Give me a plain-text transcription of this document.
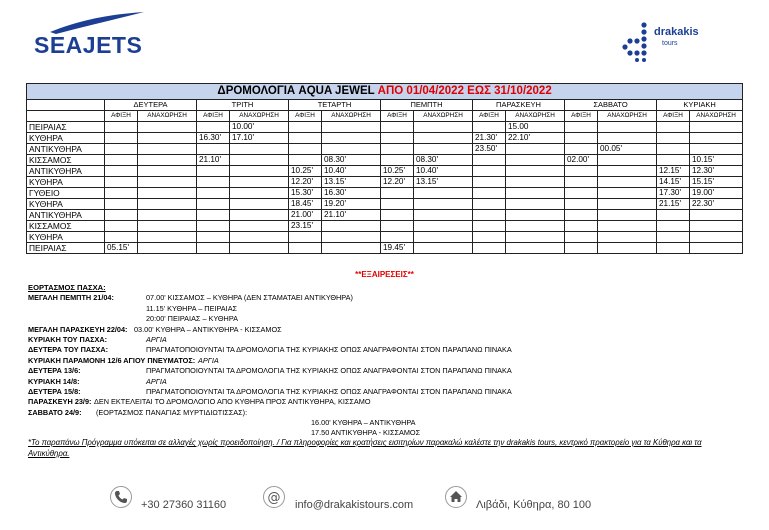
SEAJETS	drakakis
tours
ΔΡΟΜΟΛΟΓΙΑ AQUA JEWEL ΑΠΟ 01/04/2022 ΕΩΣ 31/10/2022														
	ΔΕΥΤΕΡΑ		ΤΡΙΤΗ		ΤΕΤΑΡΤΗ		ΠΕΜΠΤΗ		ΠΑΡΑΣΚΕΥΗ		ΣΑΒΒΑΤΟ		ΚΥΡΙΑΚΗ	
	ΑΦΙΞΗ	ΑΝΑΧΩΡΗΣΗ	ΑΦΙΞΗ	ΑΝΑΧΩΡΗΣΗ	ΑΦΙΞΗ	ΑΝΑΧΩΡΗΣΗ	ΑΦΙΞΗ	ΑΝΑΧΩΡΗΣΗ	ΑΦΙΞΗ	ΑΝΑΧΩΡΗΣΗ	ΑΦΙΞΗ	ΑΝΑΧΩΡΗΣΗ	ΑΦΙΞΗ	ΑΝΑΧΩΡΗΣΗ
ΠΕΙΡΑΙΑΣ				10.00'						15.00				
ΚΥΘΗΡΑ			16.30'	17.10'					21.30'	22.10'				
ΑΝΤΙΚΥΘΗΡΑ									23.50'			00.05'		
ΚΙΣΣΑΜΟΣ			21.10'			08.30'		08.30'			02.00'			10.15'
ΑΝΤΙΚΥΘΗΡΑ					10.25'	10.40'	10.25'	10.40'					12.15'	12.30'
ΚΥΘΗΡΑ					12.20'	13.15'	12.20'	13.15'					14.15'	15.15'
ΓΥΘΕΙΟ					15.30'	16.30'							17.30'	19.00'
ΚΥΘΗΡΑ					18.45'	19.20'							21.15'	22.30'
ΑΝΤΙΚΥΘΗΡΑ					21.00'	21.10'								
ΚΙΣΣΑΜΟΣ					23.15'									
ΚΥΘΗΡΑ														
ΠΕΙΡΑΙΑΣ	05.15'						19.45'							
**ΕΞΑΙΡΕΣΕΙΣ**
ΕΟΡΤΑΣΜΟΣ ΠΑΣΧΑ:
ΜΕΓΑΛΗ ΠΕΜΠΤΗ 21/04:	07.00' ΚΙΣΣΑΜΟΣ – ΚΥΘΗΡΑ (ΔΕΝ ΣΤΑΜΑΤΑΕΙ ΑΝΤΙΚΥΘΗΡΑ)
11.15' ΚΥΘΗΡΑ – ΠΕΙΡΑΙΑΣ
20:00' ΠΕΙΡΑΙΑΣ – ΚΥΘΗΡΑ
ΜΕΓΑΛΗ ΠΑΡΑΣΚΕΥΗ 22/04: 03.00' ΚΥΘΗΡΑ – ΑΝΤΙΚΥΘΗΡΑ - ΚΙΣΣΑΜΟΣ
ΚΥΡΙΑΚΗ ΤΟΥ ΠΑΣΧΑ:	ΑΡΓΙΑ
ΔΕΥΤΕΡΑ ΤΟΥ ΠΑΣΧΑ:	ΠΡΑΓΜΑΤΟΠΟΙΟΥΝΤΑΙ ΤΑ ΔΡΟΜΟΛΟΓΙΑ ΤΗΣ ΚΥΡΙΑΚΗΣ ΟΠΩΣ ΑΝΑΓΡΑΦΟΝΤΑΙ ΣΤΟΝ ΠΑΡΑΠΑΝΩ ΠΙΝΑΚΑ
ΚΥΡΙΑΚΗ ΠΑΡΑΜΟΝΗ 12/6 ΑΓΙΟΥ ΠΝΕΥΜΑΤΟΣ: ΑΡΓΙΑ
ΔΕΥΤΕΡΑ 13/6:	ΠΡΑΓΜΑΤΟΠΟΙΟΥΝΤΑΙ ΤΑ ΔΡΟΜΟΛΟΓΙΑ ΤΗΣ ΚΥΡΙΑΚΗΣ ΟΠΩΣ ΑΝΑΓΡΑΦΟΝΤΑΙ ΣΤΟΝ ΠΑΡΑΠΑΝΩ ΠΙΝΑΚΑ
ΚΥΡΙΑΚΗ 14/8:	ΑΡΓΙΑ
ΔΕΥΤΕΡΑ 15/8:	ΠΡΑΓΜΑΤΟΠΟΙΟΥΝΤΑΙ ΤΑ ΔΡΟΜΟΛΟΓΙΑ ΤΗΣ ΚΥΡΙΑΚΗΣ ΟΠΩΣ ΑΝΑΓΡΑΦΟΝΤΑΙ ΣΤΟΝ ΠΑΡΑΠΑΝΩ ΠΙΝΑΚΑ
ΠΑΡΑΣΚΕΥΗ 23/9: ΔΕΝ ΕΚΤΕΛΕΙΤΑΙ ΤΟ ΔΡΟΜΟΛΟΓΙΟ ΑΠΟ ΚΥΘΗΡΑ ΠΡΟΣ ΑΝΤΙΚΥΘΗΡΑ, ΚΙΣΣΑΜΟ
ΣΑΒΒΑΤΟ 24/9: (ΕΟΡΤΑΣΜΟΣ ΠΑΝΑΓΙΑΣ ΜΥΡΤΙΔΙΩΤΙΣΣΑΣ):
16.00' ΚΥΘΗΡΑ – ΑΝΤΙΚΥΘΗΡΑ
17.50 ΑΝΤΙΚΥΘΗΡΑ - ΚΙΣΣΑΜΟΣ
*Το παραπάνω Πρόγραμμα υπόκειται σε αλλαγές χωρίς προειδοποίηση. / Για πληροφορίες και κρατήσεις εισιτηρίων παρακαλώ καλέστε την drakakis tours, κεντρικό πρακτορείο για τα Κύθηρα και τα Αντικύθηρα.
+30 27360 31160	@ info@drakakistours.com	Λιβάδι, Κύθηρα, 80 100
